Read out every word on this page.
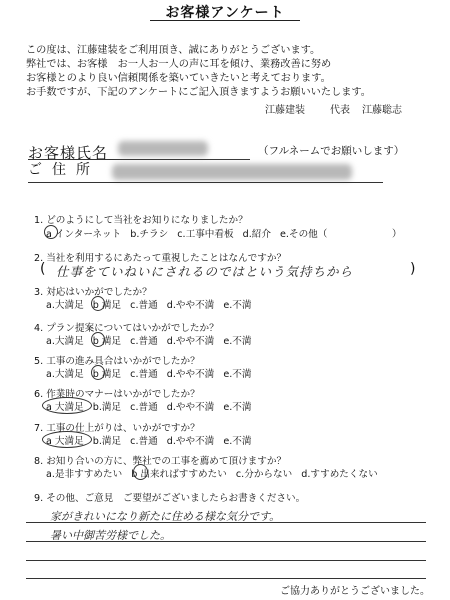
お客様アンケート
この度は、江藤建装をご利用頂き、誠にありがとうございます。
弊社では、お客様　お一人お一人の声に耳を傾け、業務改善に努め
お客様とのより良い信頼関係を築いていきたいと考えております。
お手数ですが、下記のアンケートにご記入頂きますようお願いいたします。
江藤建装	代表 江藤聡志
お客様氏名	（フルネームでお願いします）
ご住所
1. どのようにして当社をお知りになりましたか？
a インターネット b.チラシ c.工事中看板 d.紹介 e.その他（	）
2. 当社を利用するにあたって重視したことはなんですか？
仕事をていねいにされるのではという気持ちから
(	)
3. 対応はいかがでしたか？
a.大満足 b 満足 c.普通 d.やや不満 e.不満
4. プラン提案についてはいかがでしたか？
a.大満足 b 満足 c.普通 d.やや不満 e.不満
5. 工事の進み具合はいかがでしたか？
a.大満足 b 満足 c.普通 d.やや不満 e.不満
6. 作業時のマナーはいかがでしたか？
a 大満足 b.満足 c.普通 d.やや不満 e.不満
7. 工事の仕上がりは、いかがですか？
a 大満足 b.満足 c.普通 d.やや不満 e.不満
8. お知り合いの方に、弊社での工事を薦めて頂けますか？
a.是非すすめたい b 出来ればすすめたい c.分からない d.すすめたくない
9. その他、ご意見　ご要望がございましたらお書きください。
家がきれいになり新たに住める様な気分です。
暑い中御苦労様でした。
ご協力ありがとうございました。
